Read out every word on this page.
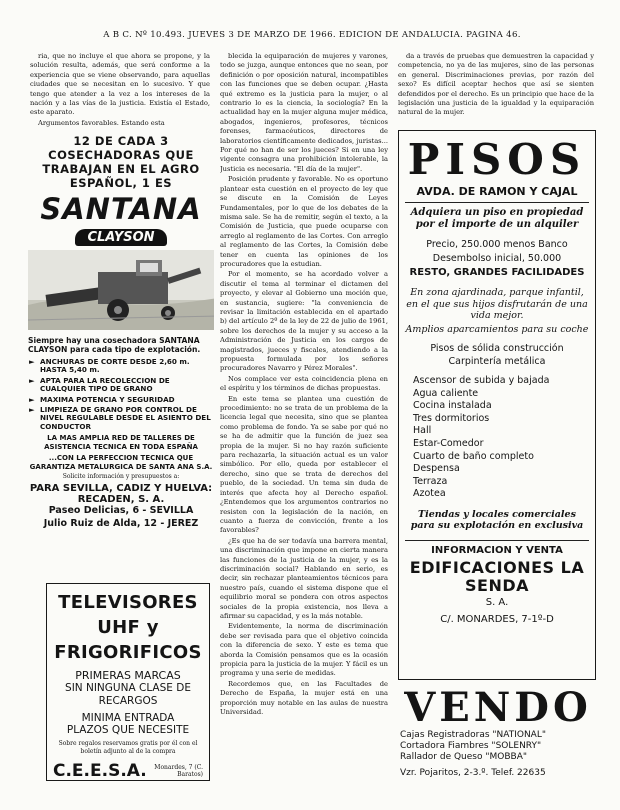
A B C. Nº 10.493. JUEVES 3 DE MARZO DE 1966. EDICION DE ANDALUCIA. PAGINA 46.

ria, que no incluye el que ahora se propone, y la solución resulta, además, que será conforme a la experiencia que se viene observando, para aquellas ciudades que se necesitan en lo sucesivo. Y que tengo que atender a la vez a los intereses de la nación y a las vías de la justicia. Existía el Estado, este aparato.

Argumentos favorables. Estando esta

12 DE CADA 3 COSECHADORAS QUE TRABAJAN EN EL AGRO ESPAÑOL, 1 ES
SANTANA
CLAYSON
Siempre hay una cosechadora SANTANA CLAYSON para cada tipo de explotación.
► ANCHURAS DE CORTE DESDE 2,60 m. HASTA 5,40 m.
► APTA PARA LA RECOLECCION DE CUALQUIER TIPO DE GRANO
► MAXIMA POTENCIA Y SEGURIDAD
► LIMPIEZA DE GRANO POR CONTROL DE NIVEL REGULABLE DESDE EL ASIENTO DEL CONDUCTOR
LA MAS AMPLIA RED DE TALLERES DE ASISTENCIA TECNICA EN TODA ESPAÑA
...CON LA PERFECCION TECNICA QUE GARANTIZA METALURGICA DE SANTA ANA S.A.
Solicite información y presupuestos a:
PARA SEVILLA, CADIZ Y HUELVA:
RECADEN, S. A.
Paseo Delicias, 6 - SEVILLA
Julio Ruiz de Alda, 12 - JEREZ
TELEVISORES UHF y FRIGORIFICOS
PRIMERAS MARCAS
SIN NINGUNA CLASE DE RECARGOS
MINIMA ENTRADA
PLAZOS QUE NECESITE
Sobre regalos reservamos gratis por él con el boletín adjunto al de la compra
C.E.E.S.A.	Monardes, 7 (C. Baratos)

blecida la equiparación de mujeres y varones, todo se juzga, aunque entonces que no sean, por definición o por oposición natural, incompatibles con las funciones que se deben ocupar. ¿Hasta qué extremo es la justicia para la mujer, o al contrario lo es la ciencia, la sociología? En la actualidad hay en la mujer alguna mujer médica, abogados, ingenieros, profesores, técnicos forenses, farmacéuticos, directores de laboratorios científicamente dedicados, juristas... Por qué no han de ser los jueces? Si en una ley vigente consagra una prohibición intolerable, la Justicia es necesaria. "El día de la mujer".

Posición prudente y favorable. No es oportuno plantear esta cuestión en el proyecto de ley que se discute en la Comisión de Leyes Fundamentales, por lo que de los debates de la misma sale. Se ha de remitir, según el texto, a la Comisión de Justicia, que puede ocuparse con arreglo al reglamento de las Cortes. Con arreglo al reglamento de las Cortes, la Comisión debe tener en cuenta las opiniones de los procuradores que la estudian.

Por el momento, se ha acordado volver a discutir el tema al terminar el dictamen del proyecto, y elevar al Gobierno una moción que, en sustancia, sugiere: "la conveniencia de revisar la limitación establecida en el apartado b) del artículo 2º de la ley de 22 de julio de 1961, sobre los derechos de la mujer y su acceso a la Administración de Justicia en los cargos de magistrados, jueces y fiscales, atendiendo a la propuesta formulada por los señores procuradores Navarro y Pérez Morales".

Nos complace ver esta coincidencia plena en el espíritu y los términos de dichas propuestas.

En este tema se plantea una cuestión de procedimiento: no se trata de un problema de la licencia legal que necesita, sino que se plantea como problema de fondo. Ya se sabe por qué no se ha de admitir que la función de juez sea propia de la mujer. Si no hay razón suficiente para rechazarla, la situación actual es un valor simbólico. Por ello, queda por establecer el derecho, sino que se trata de derechos del pueblo, de la sociedad. Un tema sin duda de interés que afecta hoy al Derecho español. ¿Entendemos que los argumentos contrarios no resisten con la legislación de la nación, en cuanto a fuerza de convicción, frente a los favorables?

¿Es que ha de ser todavía una barrera mental, una discriminación que impone en cierta manera las funciones de la justicia de la mujer, y es la discriminación social? Hablando en serio, es decir, sin rechazar planteamientos técnicos para nuestro país, cuando el sistema dispone que el equilibrio moral se pondera con otros aspectos sociales de la propia existencia, nos lleva a afirmar su capacidad, y es la más notable.

Evidentemente, la norma de discriminación debe ser revisada para que el objetivo coincida con la diferencia de sexo. Y este es tema que aborda la Comisión pensamos que es la ocasión propicia para la justicia de la mujer. Y fácil es un programa y una serie de medidas.

Recordemos que, en las Facultades de Derecho de España, la mujer está en una proporción muy notable en las aulas de nuestra Universidad.

da a través de pruebas que demuestren la capacidad y competencia, no ya de las mujeres, sino de las personas en general. Discriminaciones previas, por razón del sexo? Es difícil aceptar hechos que así se sienten defendidos por el derecho. Es un principio que hace de la legislación una justicia de la igualdad y la equiparación natural de la mujer.

PISOS
AVDA. DE RAMON Y CAJAL
Adquiera un piso en propiedad por el importe de un alquiler
Precio, 250.000 menos Banco
Desembolso inicial, 50.000
RESTO, GRANDES FACILIDADES
En zona ajardinada, parque infantil, en el que sus hijos disfrutarán de una vida mejor.
Amplios aparcamientos para su coche
Pisos de sólida construcción
Carpintería metálica
Ascensor de subida y bajada
Agua caliente
Cocina instalada
Tres dormitorios
Hall
Estar-Comedor
Cuarto de baño completo
Despensa
Terraza
Azotea
Tiendas y locales comerciales para su explotación en exclusiva
INFORMACION Y VENTA
EDIFICACIONES LA SENDA
S. A.
C/. MONARDES, 7-1º-D
VENDO
Cajas Registradoras "NATIONAL"
Cortadora Fiambres "SOLENRY"
Rallador de Queso "MOBBA"
Vzr. Pojaritos, 2-3.º. Telef. 22635
